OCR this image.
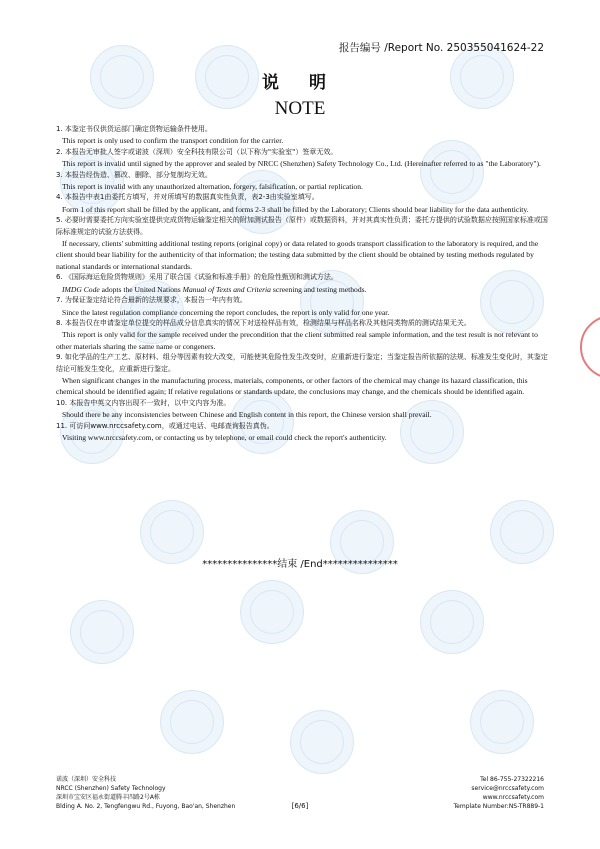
报告编号 /Report No. 250355041624-22
说 明
NOTE

1. 本鉴定书仅供货运部门确定货物运输条件使用。

This report is only used to confirm the transport condition for the carrier.

2. 本报告无审批人签字或诺波（深圳）安全科技有限公司（以下称为"实验室"）签章无效。

This report is invalid until signed by the approver and sealed by NRCC (Shenzhen) Safety Technology Co., Ltd. (Hereinafter referred to as "the Laboratory").

3. 本报告经伪造、篡改、删除、部分复制均无效。

This report is invalid with any unauthorized alternation, forgery, falsification, or partial replication.

4. 本报告中表1由委托方填写，并对所填写的数据真实性负责，表2-3由实验室填写。

Form 1 of this report shall be filled by the applicant, and forms 2-3 shall be filled by the Laboratory; Clients should bear liability for the data authenticity.

5. 必要时需要委托方向实验室提供完成货物运输鉴定相关的附加测试报告（原件）或数据资料，并对其真实性负责；委托方提供的试验数据应按照国家标准或国际标准规定的试验方法获得。

If necessary, clients' submitting additional testing reports (original copy) or data related to goods transport classification to the laboratory is required, and the client should bear liability for the authenticity of that information; the testing data submitted by the client should be obtained by testing methods regulated by national standards or international standards.

6. 《国际海运危险货物规则》采用了联合国《试验和标准手册》的危险性甄别和测试方法。

IMDG Code adopts the United Nations Manual of Texts and Criteria screening and testing methods.

7. 为保证鉴定结论符合最新的法规要求，本报告一年内有效。

Since the latest regulation compliance concerning the report concludes, the report is only valid for one year.

8. 本报告仅在申请鉴定单位提交的样品成分信息真实的情况下对送检样品有效，检测结果与样品名称及其他同类物质的测试结果无关。

This report is only valid for the sample received under the precondition that the client submitted real sample information, and the test result is not relevant to other materials sharing the same name or congeners.

9. 如化学品的生产工艺、原材料、组分等因素有较大改变，可能使其危险性发生改变时，应重新进行鉴定；当鉴定报告所依据的法规、标准发生变化时，其鉴定结论可能发生变化，应重新进行鉴定。

When significant changes in the manufacturing process, materials, components, or other factors of the chemical may change its hazard classification, this chemical should be identified again; If relative regulations or standards update, the conclusions may change, and the chemicals should be identified again.

10. 本报告中英文内容出现不一致时，以中文内容为准。

Should there be any inconsistencies between Chinese and English content in this report, the Chinese version shall prevail.

11. 可访问www.nrccsafety.com，或通过电话、电邮查询报告真伪。

Visiting www.nrccsafety.com, or contacting us by telephone, or email could check the report's authenticity.

***************结束 /End***************
诺波（深圳）安全科技
NRCC (Shenzhen) Safety Technology
深圳市宝安区福永街道腾丰四路2号A栋
Blding A. No. 2, Tengfengwu Rd., Fuyong, Bao'an, Shenzhen	[6/6]
Tel 86-755-27322216
service@nrccsafety.com
www.nrccsafety.com
Template Number:NS-TR889-1
